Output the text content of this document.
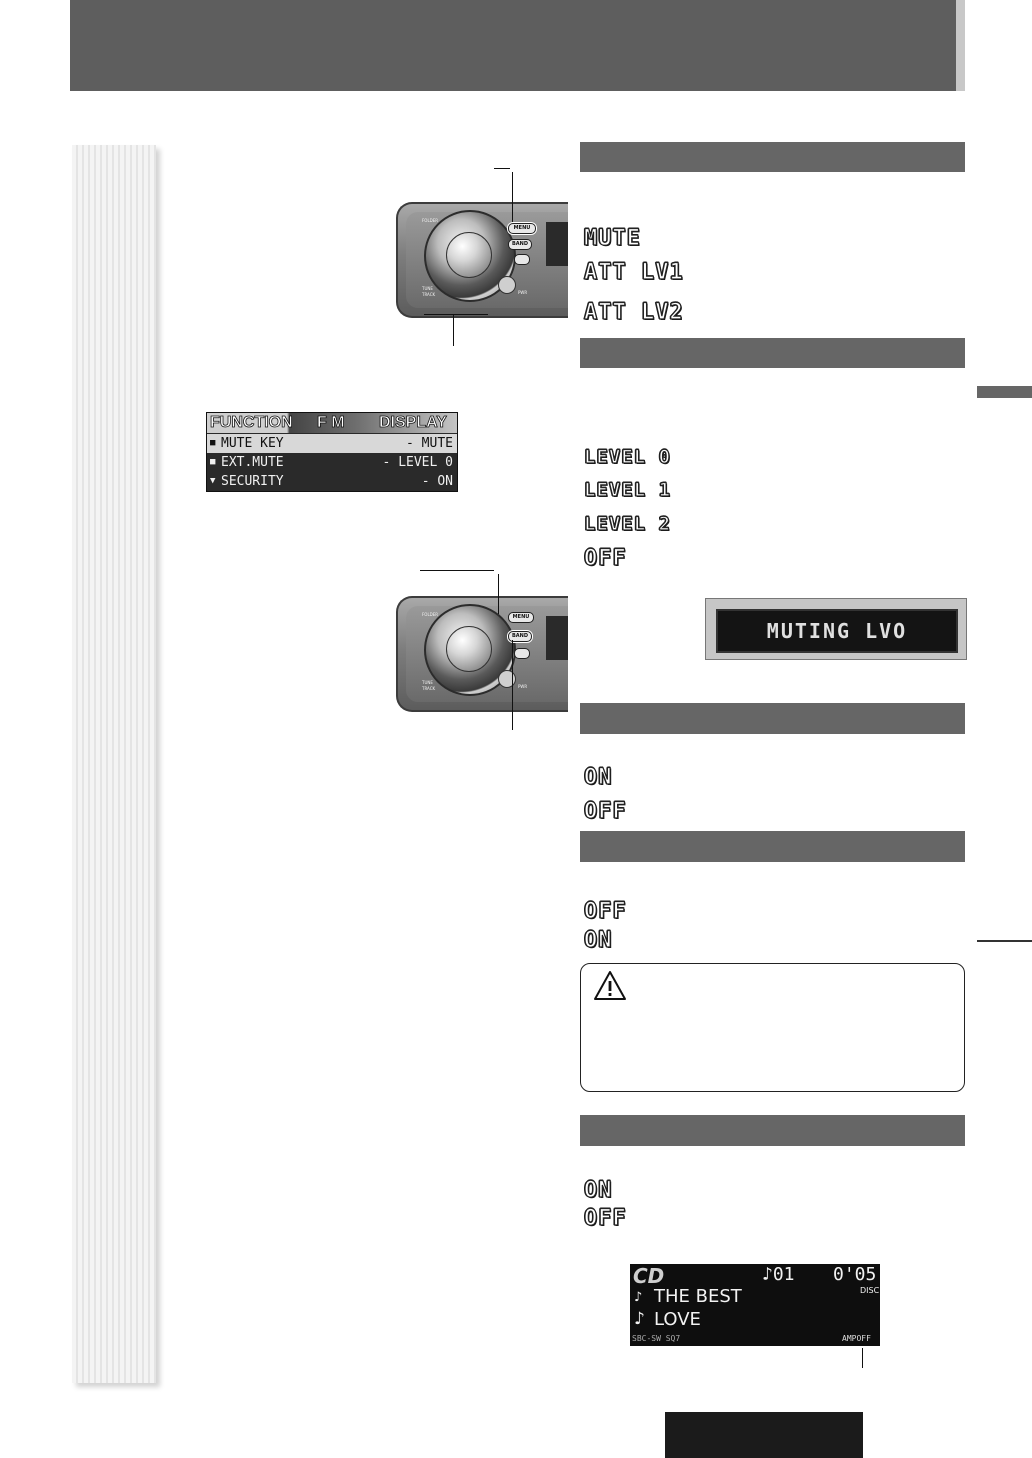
MENU
BAND
PWR
FOLDER
TUNE
TRACK
FUNCTION F M DISPLAY
■ MUTE KEY	- MUTE
■ EXT.MUTE	- LEVEL 0
▼ SECURITY	- ON
MENU
BAND
PWR
FOLDER
TUNE
TRACK
MUTE
ATT LV1
ATT LV2
LEVEL 0
LEVEL 1
LEVEL 2
OFF
MUTING LVO
ON
OFF
OFF
ON
ON
OFF
CD	♪01 0'05
DISC
♪ THE BEST
♪ LOVE
SBC-SW SQ7	AMPOFF
